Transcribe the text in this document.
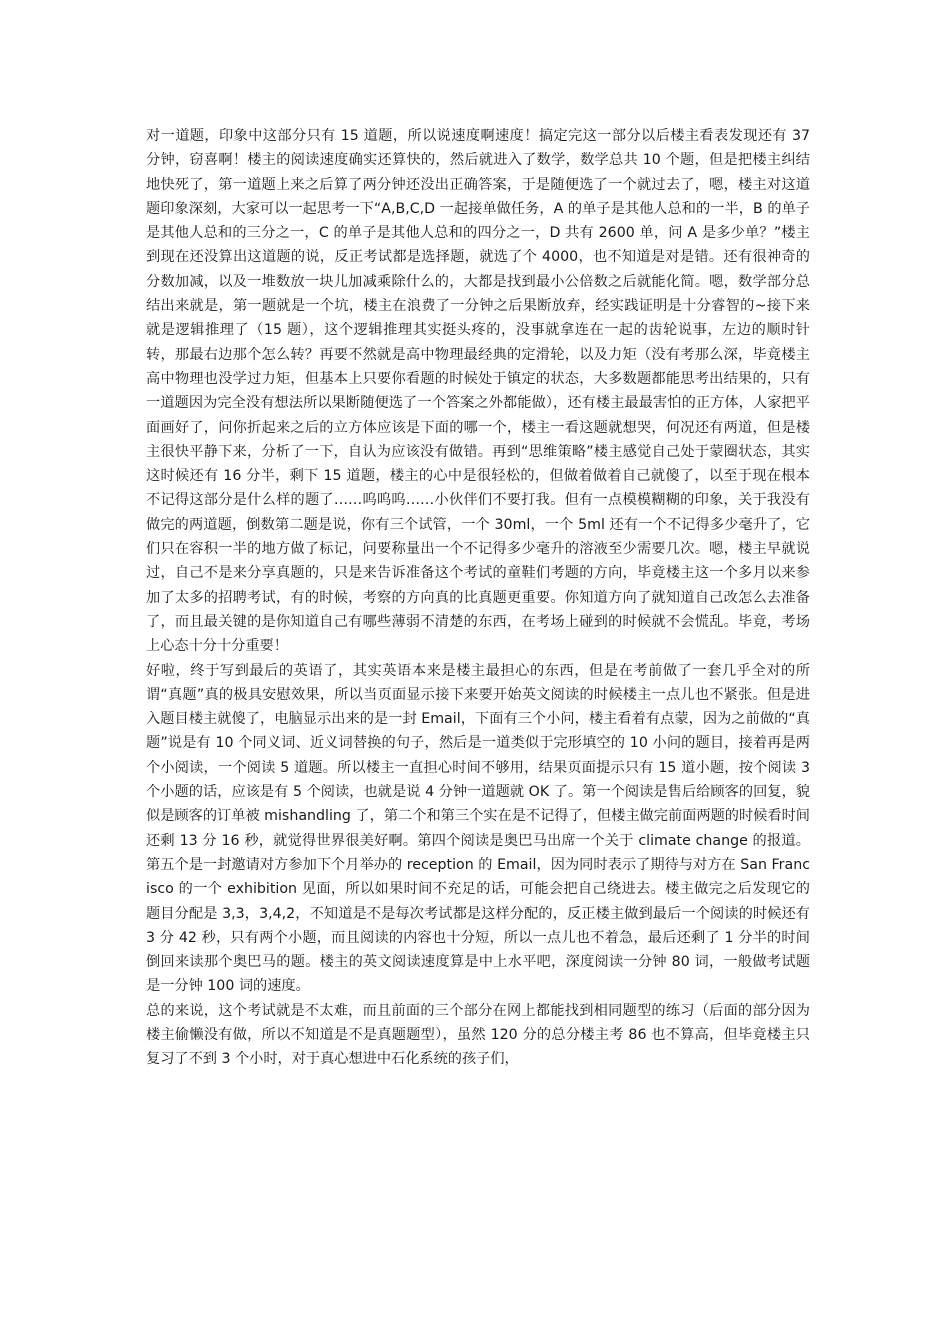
对一道题，印象中这部分只有 15 道题，所以说速度啊速度！搞定完这一部分以后楼主看表发现还有 37 分钟，窃喜啊！楼主的阅读速度确实还算快的，然后就进入了数学，数学总共 10 个题，但是把楼主纠结地快死了，第一道题上来之后算了两分钟还没出正确答案，于是随便选了一个就过去了，嗯，楼主对这道题印象深刻，大家可以一起思考一下“A,B,C,D 一起接单做任务，A 的单子是其他人总和的一半，B 的单子是其他人总和的三分之一，C 的单子是其他人总和的四分之一，D 共有 2600 单，问 A 是多少单？”楼主到现在还没算出这道题的说，反正考试都是选择题，就选了个 4000，也不知道是对是错。还有很神奇的分数加减，以及一堆数放一块儿加减乘除什么的，大都是找到最小公倍数之后就能化简。嗯，数学部分总结出来就是，第一题就是一个坑，楼主在浪费了一分钟之后果断放弃，经实践证明是十分睿智的~接下来就是逻辑推理了（15 题），这个逻辑推理其实挺头疼的，没事就拿连在一起的齿轮说事，左边的顺时针转，那最右边那个怎么转？再要不然就是高中物理最经典的定滑轮，以及力矩（没有考那么深，毕竟楼主高中物理也没学过力矩，但基本上只要你看题的时候处于镇定的状态，大多数题都能思考出结果的，只有一道题因为完全没有想法所以果断随便选了一个答案之外都能做），还有楼主最最害怕的正方体，人家把平面画好了，问你折起来之后的立方体应该是下面的哪一个，楼主一看这题就想哭，何况还有两道，但是楼主很快平静下来，分析了一下，自认为应该没有做错。再到“思维策略”楼主感觉自己处于蒙圈状态，其实这时候还有 16 分半，剩下 15 道题，楼主的心中是很轻松的，但做着做着自己就傻了，以至于现在根本不记得这部分是什么样的题了……呜呜呜……小伙伴们不要打我。但有一点模模糊糊的印象，关于我没有做完的两道题，倒数第二题是说，你有三个试管，一个 30ml，一个 5ml 还有一个不记得多少毫升了，它们只在容积一半的地方做了标记，问要称量出一个不记得多少毫升的溶液至少需要几次。嗯，楼主早就说过，自己不是来分享真题的，只是来告诉准备这个考试的童鞋们考题的方向，毕竟楼主这一个多月以来参加了太多的招聘考试，有的时候，考察的方向真的比真题更重要。你知道方向了就知道自己改怎么去准备了，而且最关键的是你知道自己有哪些薄弱不清楚的东西，在考场上碰到的时候就不会慌乱。毕竟，考场上心态十分十分重要！

好啦，终于写到最后的英语了，其实英语本来是楼主最担心的东西，但是在考前做了一套几乎全对的所谓“真题”真的极具安慰效果，所以当页面显示接下来要开始英文阅读的时候楼主一点儿也不紧张。但是进入题目楼主就傻了，电脑显示出来的是一封 Email，下面有三个小问，楼主看着有点蒙，因为之前做的“真题”说是有 10 个同义词、近义词替换的句子，然后是一道类似于完形填空的 10 小问的题目，接着再是两个小阅读，一个阅读 5 道题。所以楼主一直担心时间不够用，结果页面提示只有 15 道小题，按个阅读 3 个小题的话，应该是有 5 个阅读，也就是说 4 分钟一道题就 OK 了。第一个阅读是售后给顾客的回复，貌似是顾客的订单被 mishandling 了，第二个和第三个实在是不记得了，但楼主做完前面两题的时候看时间还剩 13 分 16 秒，就觉得世界很美好啊。第四个阅读是奥巴马出席一个关于 climate change 的报道。第五个是一封邀请对方参加下个月举办的 reception 的 Email，因为同时表示了期待与对方在 San Francisco 的一个 exhibition 见面，所以如果时间不充足的话，可能会把自己绕进去。楼主做完之后发现它的题目分配是 3,3，3,4,2，不知道是不是每次考试都是这样分配的，反正楼主做到最后一个阅读的时候还有 3 分 42 秒，只有两个小题，而且阅读的内容也十分短，所以一点儿也不着急，最后还剩了 1 分半的时间倒回来读那个奥巴马的题。楼主的英文阅读速度算是中上水平吧，深度阅读一分钟 80 词，一般做考试题是一分钟 100 词的速度。

总的来说，这个考试就是不太难，而且前面的三个部分在网上都能找到相同题型的练习（后面的部分因为楼主偷懒没有做，所以不知道是不是真题题型），虽然 120 分的总分楼主考 86 也不算高，但毕竟楼主只复习了不到 3 个小时，对于真心想进中石化系统的孩子们，
